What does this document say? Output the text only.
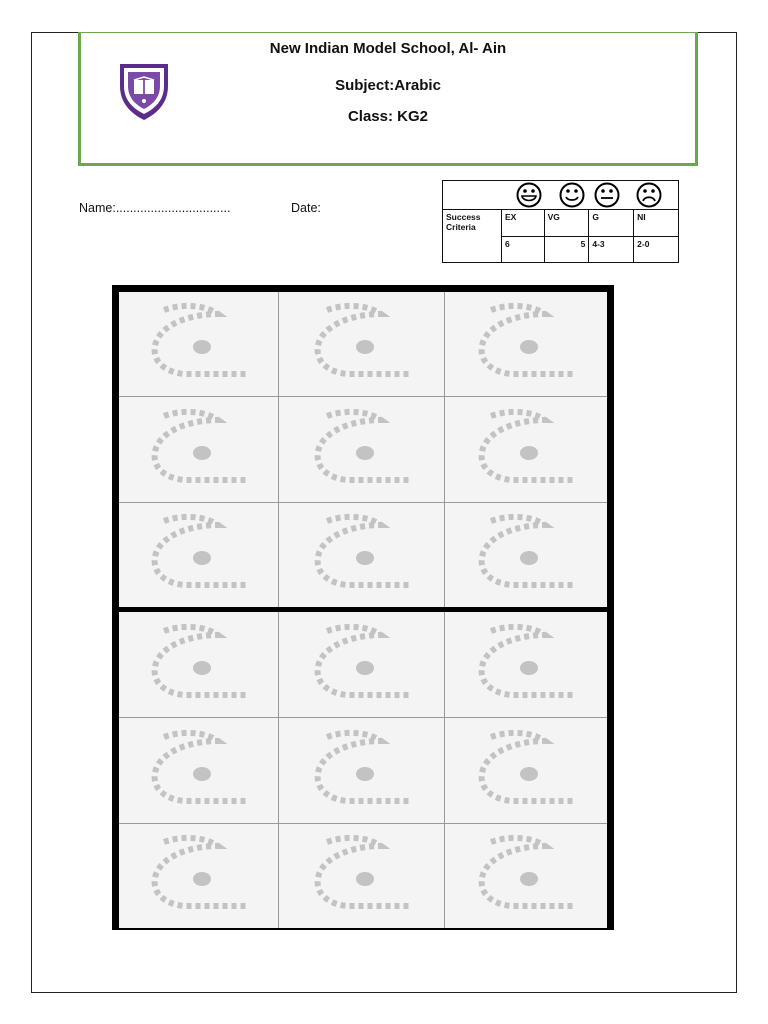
New Indian Model School, Al- Ain
Subject:Arabic
Class: KG2
Name:.................................	Date:

Success Criteria	EX	VG	G	NI
	6	5	4-3	2-0
